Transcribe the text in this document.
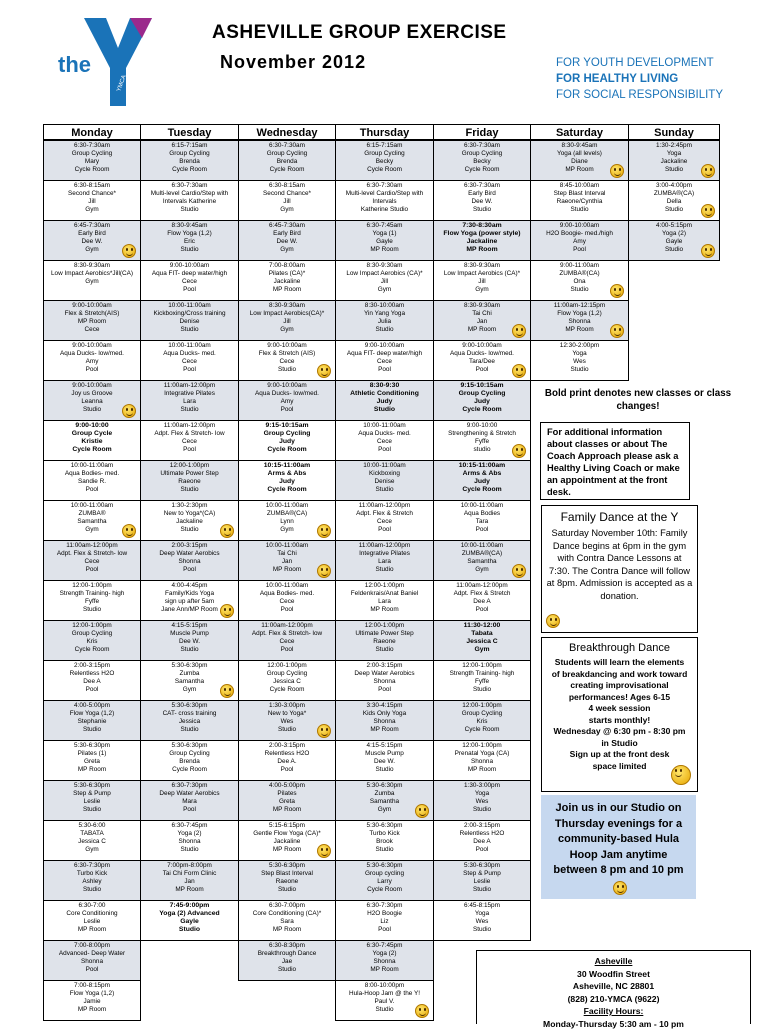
the
YMCA
ASHEVILLE GROUP EXERCISE
November 2012	FOR YOUTH DEVELOPMENT
FOR HEALTHY LIVING
FOR SOCIAL RESPONSIBILITY
Monday
6:30-7:30am
Group Cycling
Mary
Cycle Room
6:30-8:15am
Second Chance*
Jill
Gym
6:45-7:30am
Early Bird
Dee W.
Gym
8:30-9:30am
Low Impact Aerobics*Jill(CA)
Gym
9:00-10:00am
Flex & Stretch(AIS)
MP Room
Cece
9:00-10:00am
Aqua Ducks- low/med.
Amy
Pool
9:00-10:00am
Joy us Groove
Leanna
Studio
9:00-10:00
Group Cycle
Kristie
Cycle Room
10:00-11:00am
Aqua Bodies- med.
Sandie R.
Pool
10:00-11:00am
ZUMBA®
Samantha
Gym
11:00am-12:00pm
Adpt. Flex & Stretch- low
Cece
Pool
12:00-1:00pm
Strength Training- high
Fyffe
Studio
12:00-1:00pm
Group Cycling
Kris
Cycle Room
2:00-3:15pm
Relentless H2O
Dee A
Pool
4:00-5:00pm
Flow Yoga (1,2)
Stephanie
Studio
5:30-6:30pm
Pilates (1)
Greta
MP Room
5:30-6:30pm
Step & Pump
Leslie
Studio
5:30-6:00
TABATA
Jessica C
Gym
6:30-7:30pm
Turbo Kick
Ashley
Studio
6:30-7:00
Core Conditioning
Leslie
MP Room
7:00-8:00pm
Advanced- Deep Water
Shonna
Pool
7:00-8:15pm
Flow Yoga (1,2)
Jamie
MP Room
Tuesday
6:15-7:15am
Group Cycling
Brenda
Cycle Room
6:30-7:30am
Multi-level Cardio/Step with
Intervals Katherine
Studio
8:30-9:45am
Flow Yoga (1,2)
Eric
Studio
9:00-10:00am
Aqua FIT- deep water/high
Cece
Pool
10:00-11:00am
Kickboxing/Cross training
Denise
Studio
10:00-11:00am
Aqua Ducks- med.
Cece
Pool
11:00am-12:00pm
Integrative Pilates
Lara
Studio
11:00am-12:00pm
Adpt. Flex & Stretch- low
Cece
Pool
12:00-1:00pm
Ultimate Power Step
Raeone
Studio
1:30-2:30pm
New to Yoga*(CA)
Jackaline
Studio
2:00-3:15pm
Deep Water Aerobics
Shonna
Pool
4:00-4:45pm
Family/Kids Yoga
sign up after 5am
Jane Ann/MP Room
4:15-5:15pm
Muscle Pump
Dee W.
Studio
5:30-6:30pm
Zumba
Samantha
Gym
5:30-6:30pm
CAT- cross training
Jessica
Studio
5:30-6:30pm
Group Cycling
Brenda
Cycle Room
6:30-7:30pm
Deep Water Aerobics
Mara
Pool
6:30-7:45pm
Yoga (2)
Shonna
Studio
7:00pm-8:00pm
Tai Chi Form Clinic
Jan
MP Room
7:45-9:00pm
Yoga (2) Advanced
Gayle
Studio
Wednesday
6:30-7:30am
Group Cycling
Brenda
Cycle Room
6:30-8:15am
Second Chance*
Jill
Gym
6:45-7:30am
Early Bird
Dee W.
Gym
7:00-8:00am
Pilates (CA)*
Jackaline
MP Room
8:30-9:30am
Low Impact Aerobics(CA)*
Jill
Gym
9:00-10:00am
Flex & Stretch (AIS)
Cece
Studio
9:00-10:00am
Aqua Ducks- low/med.
Amy
Pool
9:15-10:15am
Group Cycling
Judy
Cycle Room
10:15-11:00am
Arms & Abs
Judy
Cycle Room
10:00-11:00am
ZUMBA®(CA)
Lynn
Gym
10:00-11:00am
Tai Chi
Jan
MP Room
10:00-11:00am
Aqua Bodies- med.
Cece
Pool
11:00am-12:00pm
Adpt. Flex & Stretch- low
Cece
Pool
12:00-1:00pm
Group Cycling
Jessica C
Cycle Room
1:30-3:00pm
New to Yoga*
Wes
Studio
2:00-3:15pm
Relentless H2O
Dee A.
Pool
4:00-5:00pm
Pilates
Greta
MP Room
5:15-6:15pm
Gentle Flow Yoga (CA)*
Jackaline
MP Room
5:30-6:30pm
Step Blast Interval
Raeone
Studio
6:30-7:00pm
Core Conditioning (CA)*
Sara
MP Room
6:30-8:30pm
Breakthrough Dance
Jae
Studio
Thursday
6:15-7:15am
Group Cycling
Becky
Cycle Room
6:30-7:30am
Multi-level Cardio/Step with
Intervals
Katherine Studio
6:30-7:45am
Yoga (1)
Gayle
MP Room
8:30-9:30am
Low Impact Aerobics (CA)*
Jill
Gym
8:30-10:00am
Yin Yang Yoga
Julia
Studio
9:00-10:00am
Aqua FIT- deep water/high
Cece
Pool
8:30-9:30
Athletic Conditioning
Judy
Studio
10:00-11:00am
Aqua Ducks- med.
Cece
Pool
10:00-11:00am
Kickboxing
Denise
Studio
11:00am-12:00pm
Adpt. Flex & Stretch
Cece
Pool
11:00am-12:00pm
Integrative Pilates
Lara
Studio
12:00-1:00pm
Feldenkrais/Anat Baniel
Lara
MP Room
12:00-1:00pm
Ultimate Power Step
Raeone
Studio
2:00-3:15pm
Deep Water Aerobics
Shonna
Pool
3:30-4:15pm
Kids Only Yoga
Shonna
MP Room
4:15-5:15pm
Muscle Pump
Dee W.
Studio
5:30-6:30pm
Zumba
Samantha
Gym
5:30-6:30pm
Turbo Kick
Brook
Studio
5:30-6:30pm
Group cycling
Larry
Cycle Room
6:30-7:30pm
H2O Boogie
Liz
Pool
6:30-7:45pm
Yoga (2)
Shonna
MP Room
8:00-10:00pm
Hula-Hoop Jam @ the Y!
Paul V.
Studio
Friday
6:30-7:30am
Group Cycling
Becky
Cycle Room
6:30-7:30am
Early Bird
Dee W.
Studio
7:30-8:30am
Flow Yoga (power style)
Jackaline
MP Room
8:30-9:30am
Low Impact Aerobics (CA)*
Jill
Gym
8:30-9:30am
Tai Chi
Jan
MP Room
9:00-10:00am
Aqua Ducks- low/med.
Tara/Dee
Pool
9:15-10:15am
Group Cycling
Judy
Cycle Room
9:00-10:00
Strengthening & Stretch
Fyffe
studio
10:15-11:00am
Arms & Abs
Judy
Cycle Room
10:00-11:00am
Aqua Bodies
Tara
Pool
10:00-11:00am
ZUMBA®(CA)
Samantha
Gym
11:00am-12:00pm
Adpt. Flex & Stretch
Dee A
Pool
11:30-12:00
Tabata
Jessica C
Gym
12:00-1:00pm
Strength Training- high
Fyffe
Studio
12:00-1:00pm
Group Cycling
Kris
Cycle Room
12:00-1:00pm
Prenatal Yoga (CA)
Shonna
MP Room
1:30-3:00pm
Yoga
Wes
Studio
2:00-3:15pm
Relentless H2O
Dee A
Pool
5:30-6:30pm
Step & Pump
Leslie
Studio
6:45-8:15pm
Yoga
Wes
Studio
Saturday
8:30-9:45am
Yoga (all levels)
Diane
MP Room
8:45-10:00am
Step Blast Interval
Raeone/Cynthia
Studio
9:00-10:00am
H2O Boogie- med./high
Amy
Pool
9:00-11:00am
ZUMBA®(CA)
Ona
Studio
11:00am-12:15pm
Flow Yoga (1,2)
Shonna
MP Room
12:30-2:00pm
Yoga
Wes
Studio
Sunday
1:30-2:45pm
Yoga
Jackaline
Studio
3:00-4:00pm
ZUMBA®(CA)
Della
Studio
4:00-5:15pm
Yoga (2)
Gayle
Studio
Bold print denotes new classes or class changes!
For additional information about classes or about The Coach Approach please ask a Healthy Living Coach or make an appointment at the front desk.
Family Dance at the Y
Saturday November 10th: Family Dance begins at 6pm in the gym with Contra Dance Lessons at 7:30. The Contra Dance will follow at 8pm. Admission is accepted as a donation.
Breakthrough Dance
Students will learn the elements
of breakdancing and work toward
creating improvisational
performances! Ages 6-15
4 week session
starts monthly!
Wednesday @ 6:30 pm - 8:30 pm
in Studio
Sign up at the front desk
space limited
Join us in our Studio on Thursday evenings for a community-based Hula Hoop Jam anytime between 8 pm and 10 pm
Asheville
30 Woodfin Street
Asheville, NC 28801
(828) 210-YMCA (9622)
Facility Hours:
Monday-Thursday 5:30 am - 10 pm
